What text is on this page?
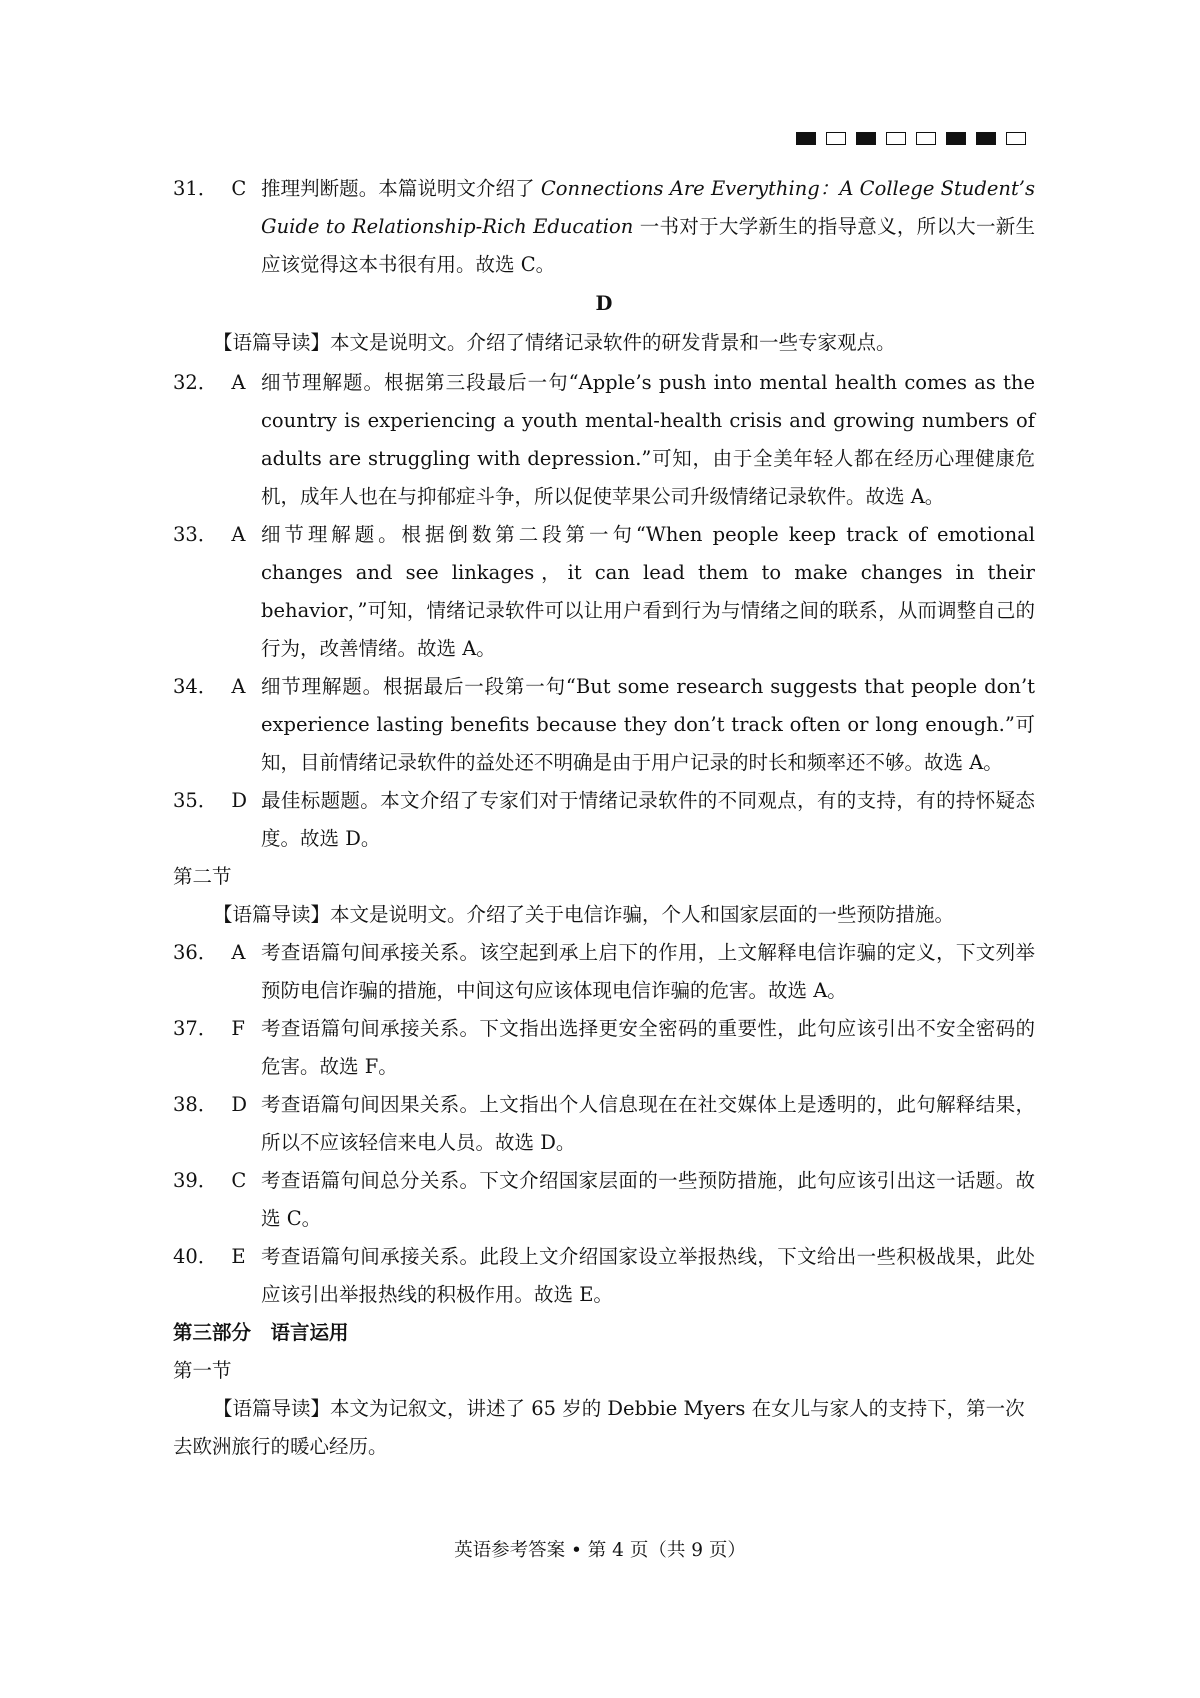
31． C 推理判断题。本篇说明文介绍了 Connections Are Everything：A College Student’s Guide to Relationship-Rich Education 一书对于大学新生的指导意义，所以大一新生应该觉得这本书很有用。故选 C。
D
【语篇导读】本文是说明文。介绍了情绪记录软件的研发背景和一些专家观点。
32． A 细节理解题。根据第三段最后一句“Apple’s push into mental health comes as the country is experiencing a youth mental-health crisis and growing numbers of adults are struggling with depression.”可知，由于全美年轻人都在经历心理健康危机，成年人也在与抑郁症斗争，所以促使苹果公司升级情绪记录软件。故选 A。
33． A 细节理解题。根据倒数第二段第一句“When people keep track of emotional changes and see linkages，it can lead them to make changes in their behavior，”可知，情绪记录软件可以让用户看到行为与情绪之间的联系，从而调整自己的行为，改善情绪。故选 A。
34． A 细节理解题。根据最后一段第一句“But some research suggests that people don’t experience lasting benefits because they don’t track often or long enough.”可知，目前情绪记录软件的益处还不明确是由于用户记录的时长和频率还不够。故选 A。
35． D 最佳标题题。本文介绍了专家们对于情绪记录软件的不同观点，有的支持，有的持怀疑态度。故选 D。
第二节
【语篇导读】本文是说明文。介绍了关于电信诈骗，个人和国家层面的一些预防措施。
36． A 考查语篇句间承接关系。该空起到承上启下的作用，上文解释电信诈骗的定义，下文列举预防电信诈骗的措施，中间这句应该体现电信诈骗的危害。故选 A。
37． F 考查语篇句间承接关系。下文指出选择更安全密码的重要性，此句应该引出不安全密码的危害。故选 F。
38． D 考查语篇句间因果关系。上文指出个人信息现在在社交媒体上是透明的，此句解释结果，所以不应该轻信来电人员。故选 D。
39． C 考查语篇句间总分关系。下文介绍国家层面的一些预防措施，此句应该引出这一话题。故选 C。
40． E 考查语篇句间承接关系。此段上文介绍国家设立举报热线，下文给出一些积极战果，此处应该引出举报热线的积极作用。故选 E。
第三部分　语言运用
第一节
【语篇导读】本文为记叙文，讲述了 65 岁的 Debbie Myers 在女儿与家人的支持下，第一次去欧洲旅行的暖心经历。
英语参考答案 • 第 4 页（共 9 页）
